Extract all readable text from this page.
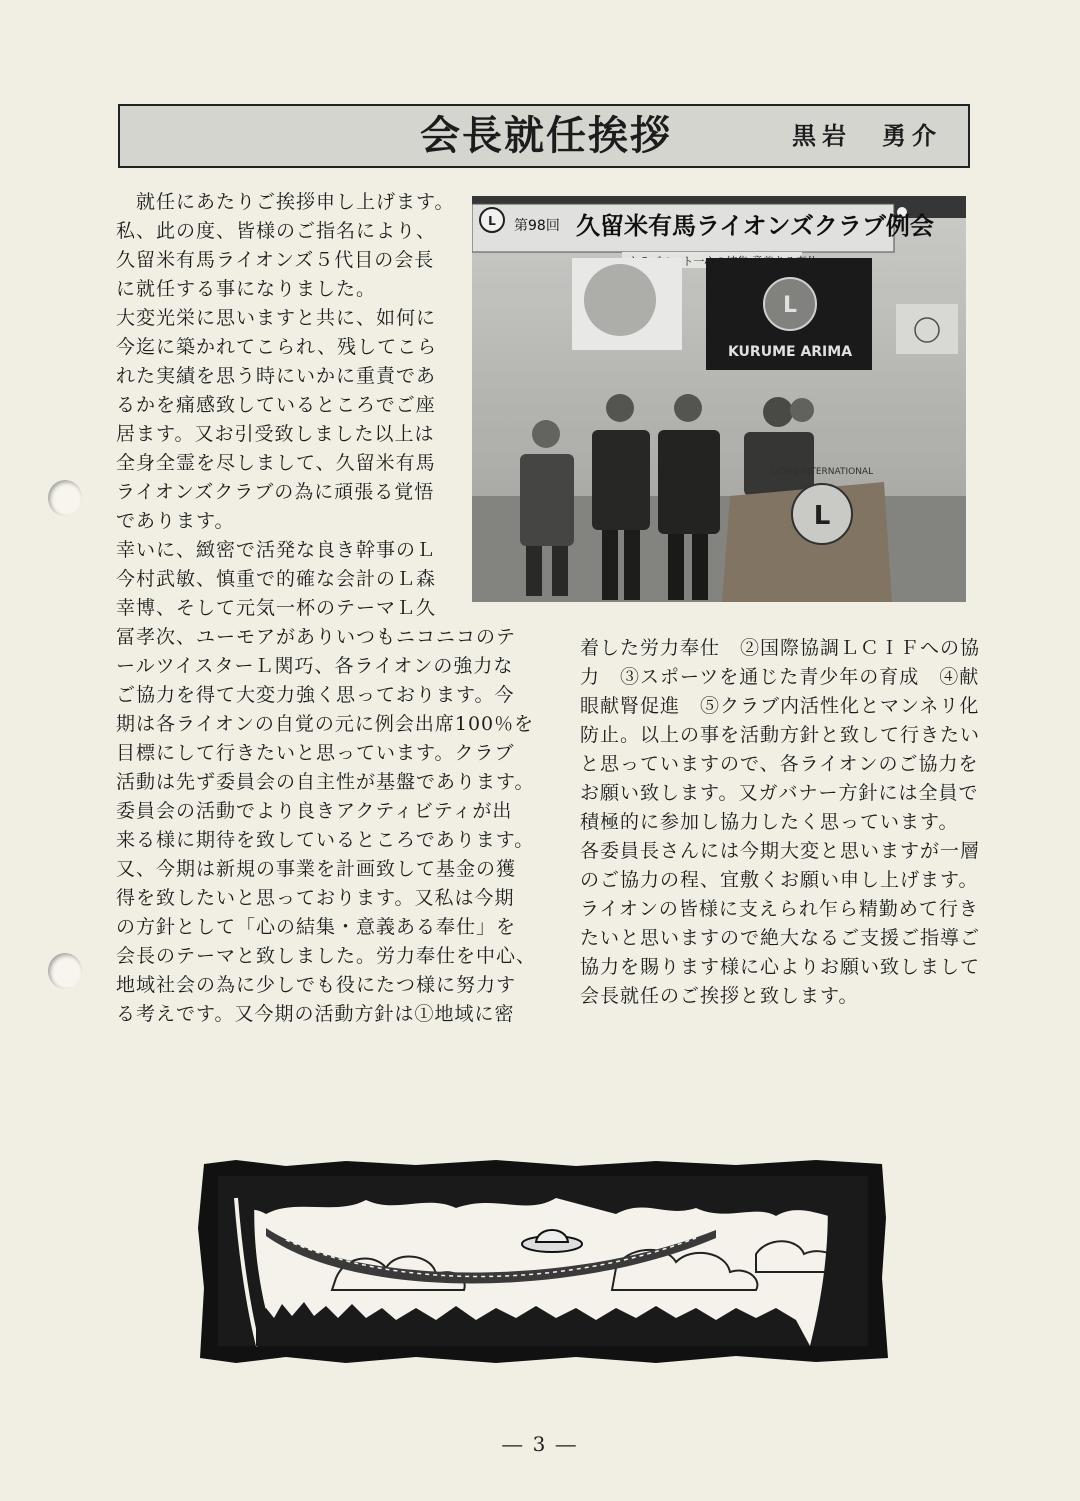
会長就任挨拶	黒岩　勇介
　就任にあたりご挨拶申し上げます。
私、此の度、皆様のご指名により、
久留米有馬ライオンズ５代目の会長
に就任する事になりました。
大変光栄に思いますと共に、如何に
今迄に築かれてこられ、残してこら
れた実績を思う時にいかに重責であ
るかを痛感致しているところでご座
居ます。又お引受致しました以上は
全身全霊を尽しまして、久留米有馬
ライオンズクラブの為に頑張る覚悟
であります。
幸いに、緻密で活発な良き幹事のＬ
今村武敏、慎重で的確な会計のＬ森
幸博、そして元気一杯のテーマＬ久
冨孝次、ユーモアがありいつもニコニコのテ
ールツイスターＬ関巧、各ライオンの強力な
ご協力を得て大変力強く思っております。今
期は各ライオンの自覚の元に例会出席100％を
目標にして行きたいと思っています。クラブ
活動は先ず委員会の自主性が基盤であります。
委員会の活動でより良きアクティビティが出
来る様に期待を致しているところであります。
又、今期は新規の事業を計画致して基金の獲
得を致したいと思っております。又私は今期
の方針として「心の結集・意義ある奉仕」を
会長のテーマと致しました。労力奉仕を中心、
地域社会の為に少しでも役にたつ様に努力す
る考えです。又今期の活動方針は①地域に密
着した労力奉仕　②国際協調ＬＣＩＦへの協
力　③スポーツを通じた青少年の育成　④献
眼献腎促進　⑤クラブ内活性化とマンネリ化
防止。以上の事を活動方針と致して行きたい
と思っていますので、各ライオンのご協力を
お願い致します。又ガバナー方針には全員で
積極的に参加し協力したく思っています。
各委員長さんには今期大変と思いますが一層
のご協力の程、宜敷くお願い申し上げます。
ライオンの皆様に支えられ乍ら精勤めて行き
たいと思いますので絶大なるご支援ご指導ご
協力を賜ります様に心よりお願い致しまして
会長就任のご挨拶と致します。
L 第98回 久留米有馬ライオンズクラブ例会
クラブモット一心の結集
L
KURUME ARIMA
L
LIONS INTERNATIONAL
― 3 ―
